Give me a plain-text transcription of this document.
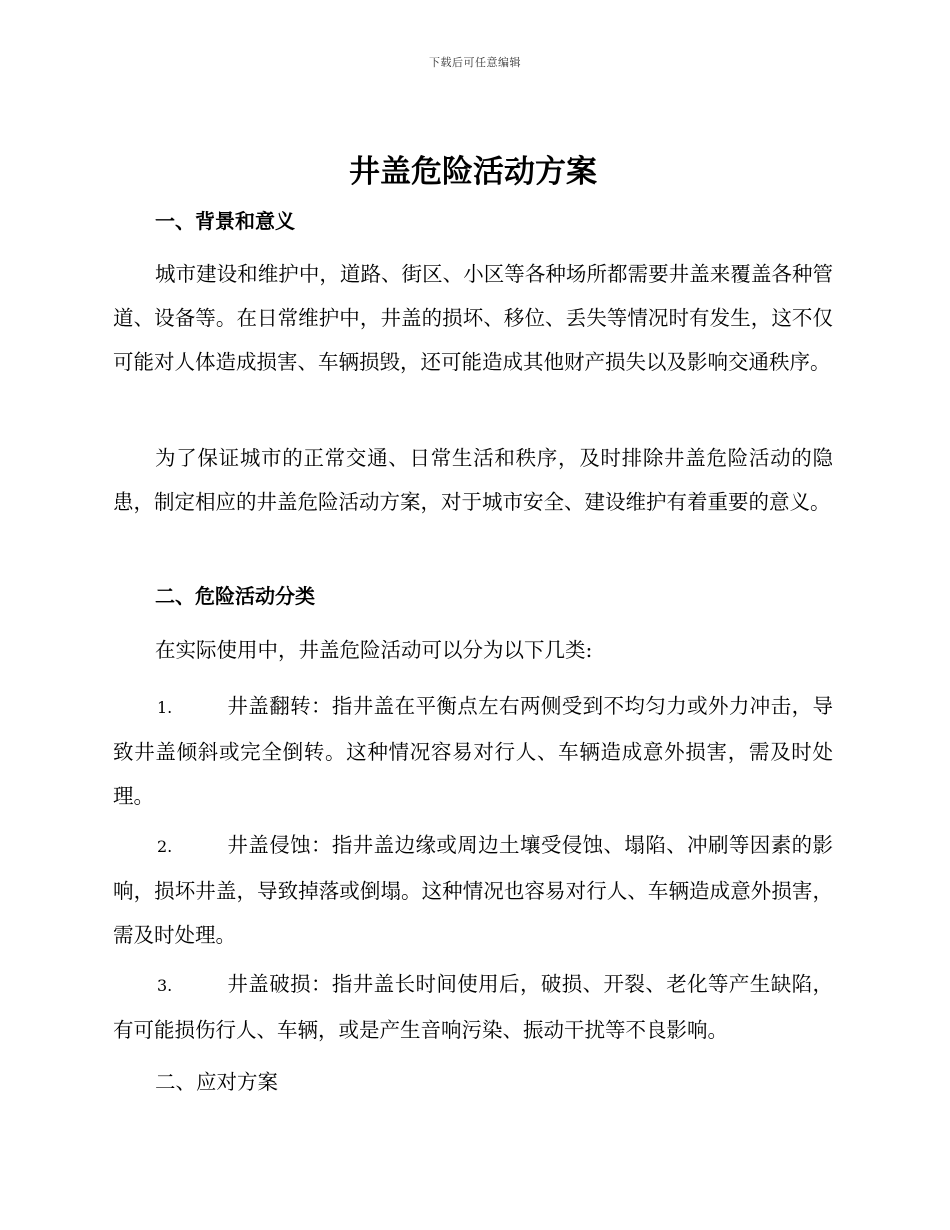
下载后可任意编辑
井盖危险活动方案
一、背景和意义

城市建设和维护中，道路、街区、小区等各种场所都需要井盖来覆盖各种管道、设备等。在日常维护中，井盖的损坏、移位、丢失等情况时有发生，这不仅可能对人体造成损害、车辆损毁，还可能造成其他财产损失以及影响交通秩序。

为了保证城市的正常交通、日常生活和秩序，及时排除井盖危险活动的隐患，制定相应的井盖危险活动方案，对于城市安全、建设维护有着重要的意义。

二、危险活动分类

在实际使用中，井盖危险活动可以分为以下几类:

1.	井盖翻转：指井盖在平衡点左右两侧受到不均匀力或外力冲击，导致井盖倾斜或完全倒转。这种情况容易对行人、车辆造成意外损害，需及时处理。

2.	井盖侵蚀：指井盖边缘或周边土壤受侵蚀、塌陷、冲刷等因素的影响，损坏井盖，导致掉落或倒塌。这种情况也容易对行人、车辆造成意外损害，需及时处理。

3.	井盖破损：指井盖长时间使用后，破损、开裂、老化等产生缺陷，有可能损伤行人、车辆，或是产生音响污染、振动干扰等不良影响。

二、应对方案
